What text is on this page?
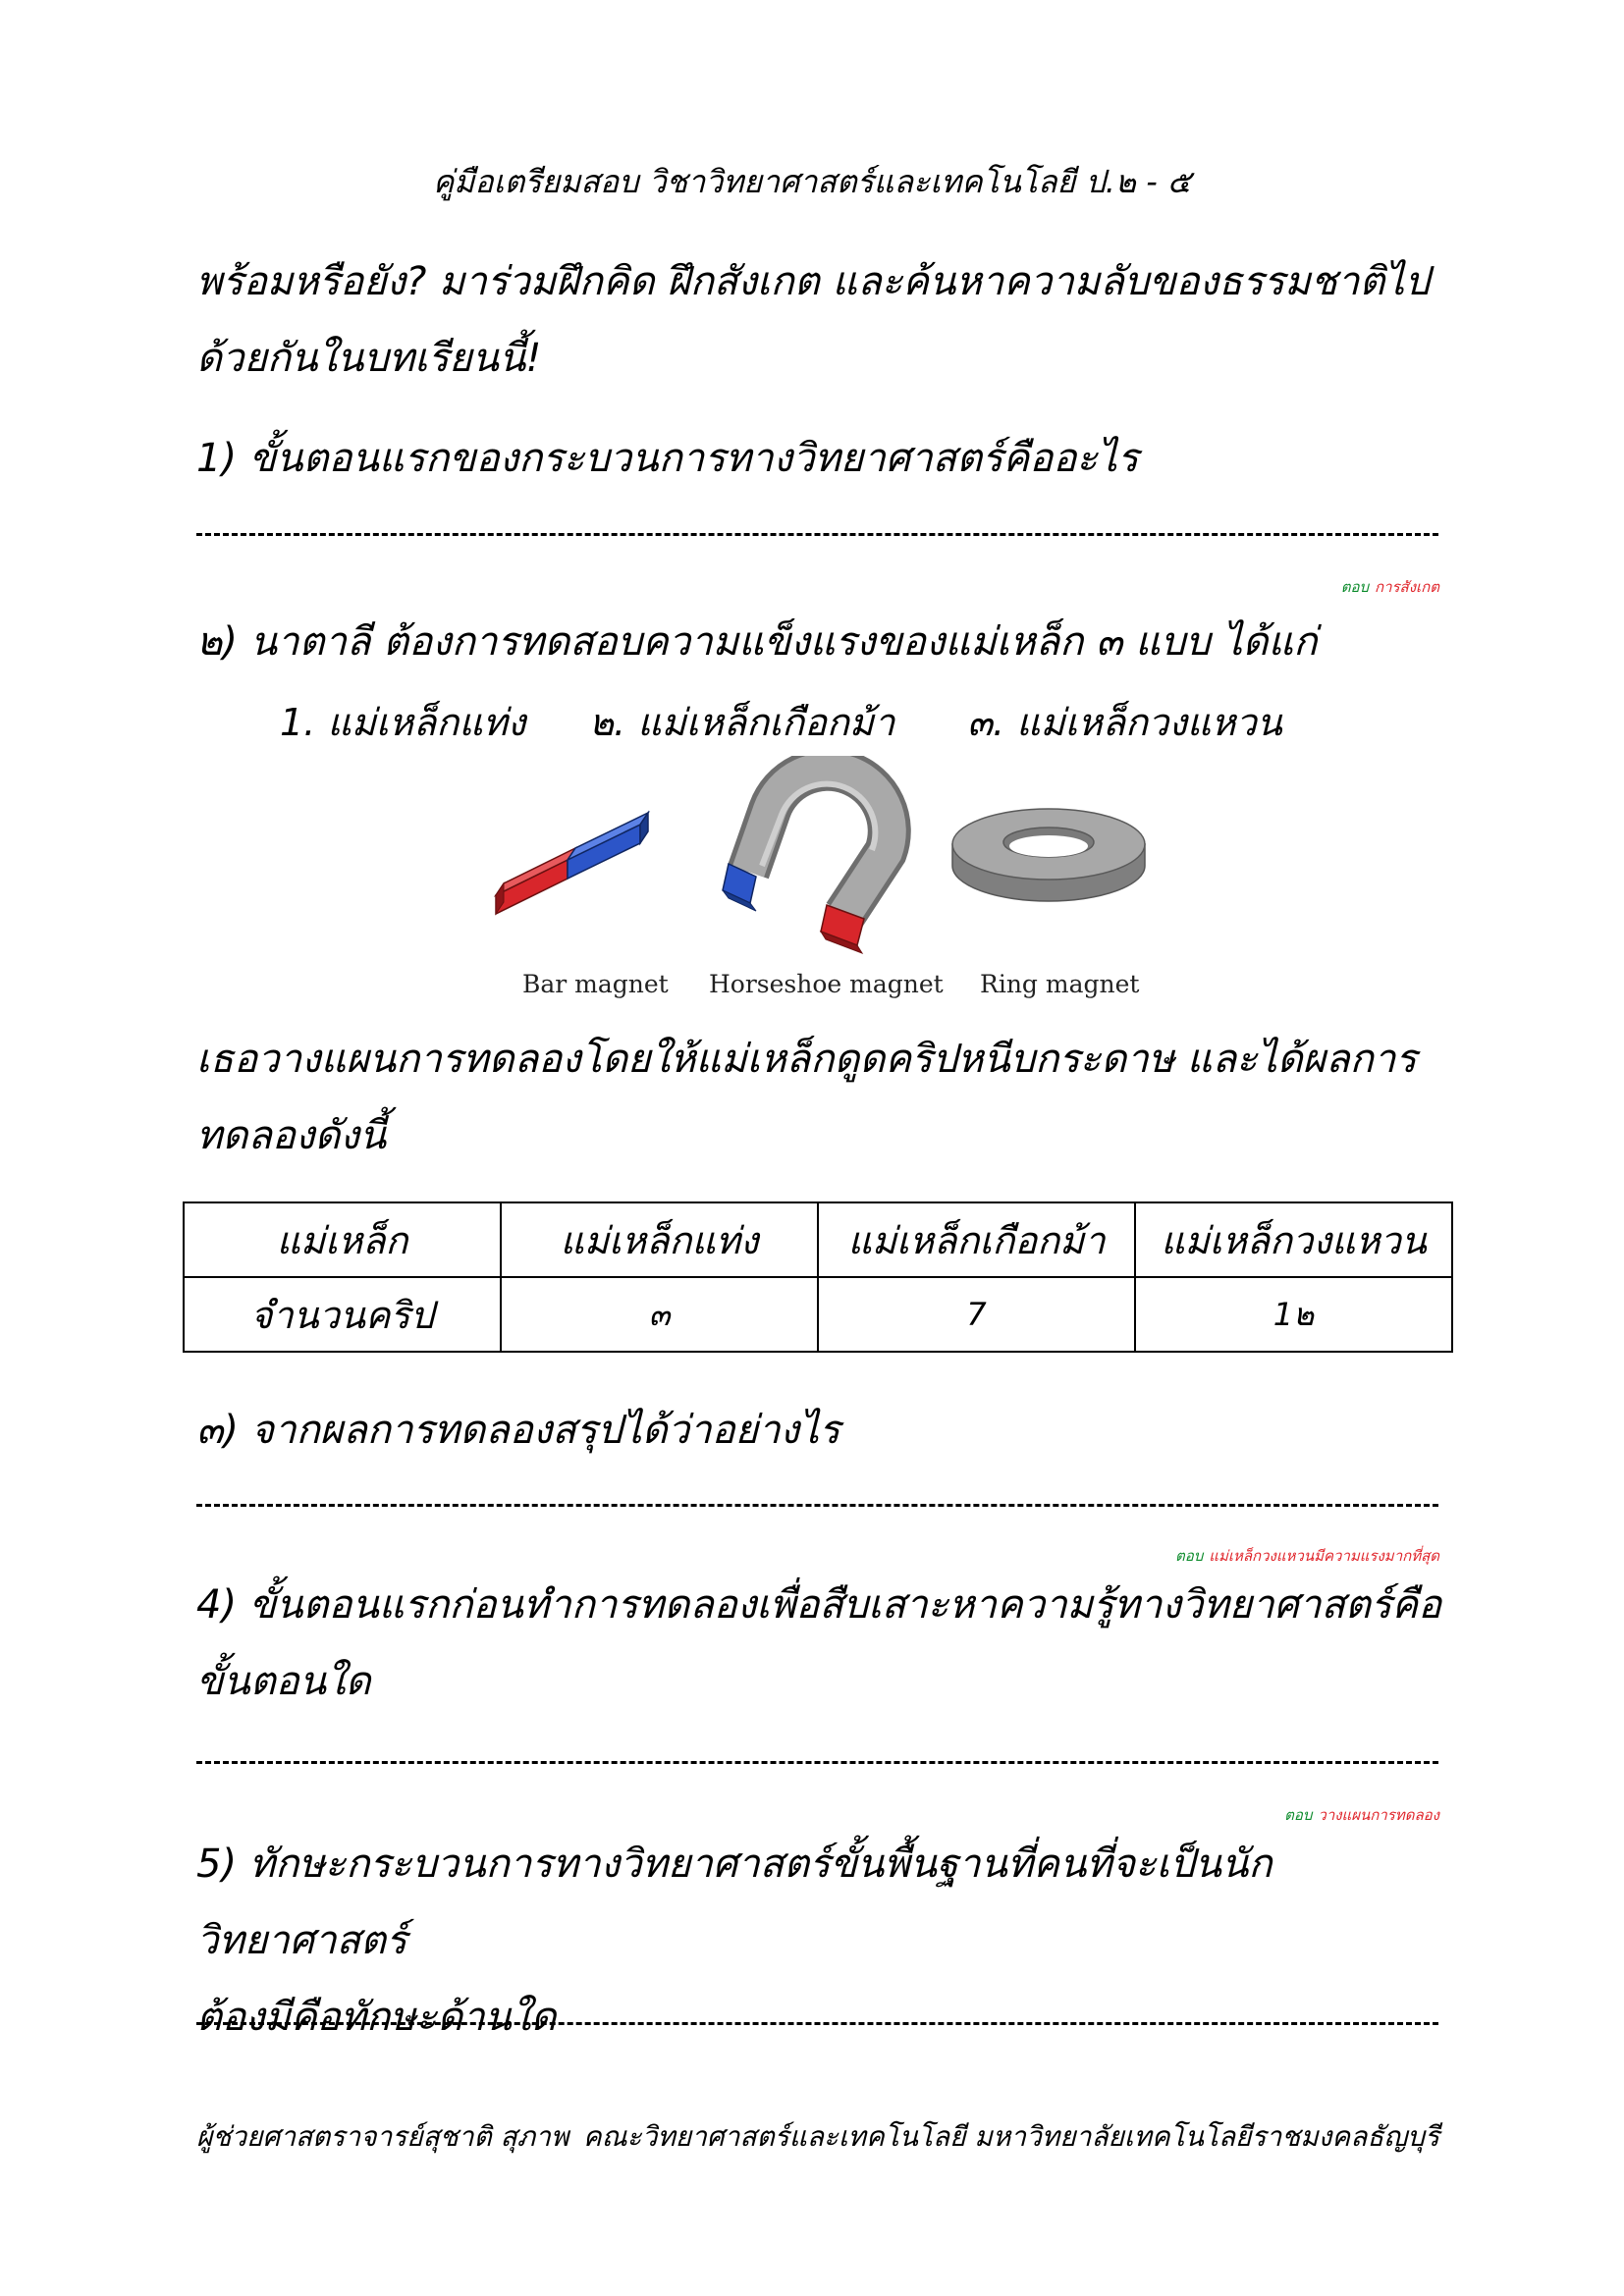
คู่มือเตรียมสอบ วิชาวิทยาศาสตร์และเทคโนโลยี ป.๒ - ๕
พร้อมหรือยัง? มาร่วมฝึกคิด ฝึกสังเกต และค้นหาความลับของธรรมชาติไป
ด้วยกันในบทเรียนนี้!
1) ขั้นตอนแรกของกระบวนการทางวิทยาศาสตร์คืออะไร
ตอบ การสังเกต
๒) นาตาลี ต้องการทดสอบความแข็งแรงของแม่เหล็ก ๓ แบบ ได้แก่
1. แม่เหล็กแท่ง ๒. แม่เหล็กเกือกม้า ๓. แม่เหล็กวงแหวน
Bar magnet Horseshoe magnet Ring magnet
เธอวางแผนการทดลองโดยให้แม่เหล็กดูดคริปหนีบกระดาษ และได้ผลการ
ทดลองดังนี้
แม่เหล็ก	แม่เหล็กแท่ง	แม่เหล็กเกือกม้า	แม่เหล็กวงแหวน
จำนวนคริป	๓	7	1๒
๓) จากผลการทดลองสรุปได้ว่าอย่างไร
ตอบ แม่เหล็กวงแหวนมีความแรงมากที่สุด
4) ขั้นตอนแรกก่อนทำการทดลองเพื่อสืบเสาะหาความรู้ทางวิทยาศาสตร์คือ
ขั้นตอนใด
ตอบ วางแผนการทดลอง
5) ทักษะกระบวนการทางวิทยาศาสตร์ขั้นพื้นฐานที่คนที่จะเป็นนักวิทยาศาสตร์
ต้องมีคือทักษะด้านใด
ผู้ช่วยศาสตราจารย์สุชาติ สุภาพ คณะวิทยาศาสตร์และเทคโนโลยี มหาวิทยาลัยเทคโนโลยีราชมงคลธัญบุรี
